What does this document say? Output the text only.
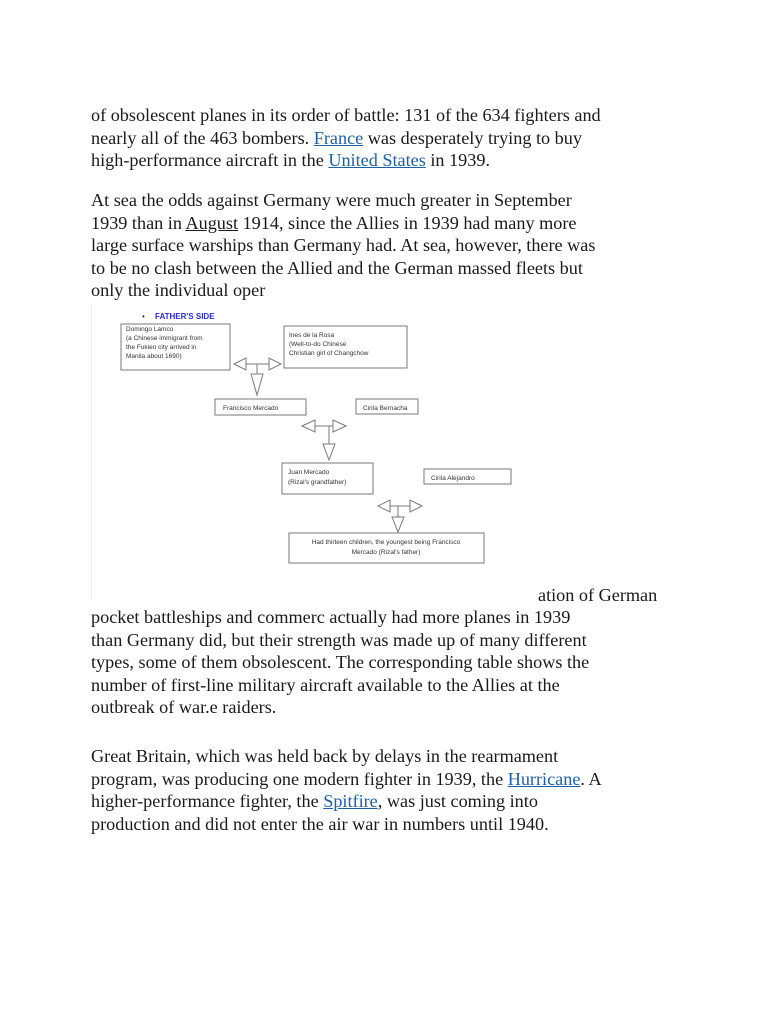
of obsolescent planes in its order of battle: 131 of the 634 fighters and
nearly all of the 463 bombers. France was desperately trying to buy
high-performance aircraft in the United States in 1939.

At sea the odds against Germany were much greater in September
1939 than in August 1914, since the Allies in 1939 had many more
large surface warships than Germany had. At sea, however, there was
to be no clash between the Allied and the German massed fleets but
only the individual oper

• FATHER'S SIDE
Domingo Lamco
(a Chinese immigrant from
the Fukien city arrived in
Manila about 1690)
Ines de la Rosa
(Well-to-do Chinese
Christian girl of Changchow
Francisco Mercado	Cirila Bernacha
Juan Mercado
(Rizal's grandfather)
Cirila Alejandro
Had thirteen children, the youngest being Francisco
Mercado (Rizal's father)
ation of German

pocket battleships and commerc actually had more planes in 1939
than Germany did, but their strength was made up of many different
types, some of them obsolescent. The corresponding table shows the
number of first-line military aircraft available to the Allies at the
outbreak of war.e raiders.

Great Britain, which was held back by delays in the rearmament
program, was producing one modern fighter in 1939, the Hurricane. A
higher-performance fighter, the Spitfire, was just coming into
production and did not enter the air war in numbers until 1940.
